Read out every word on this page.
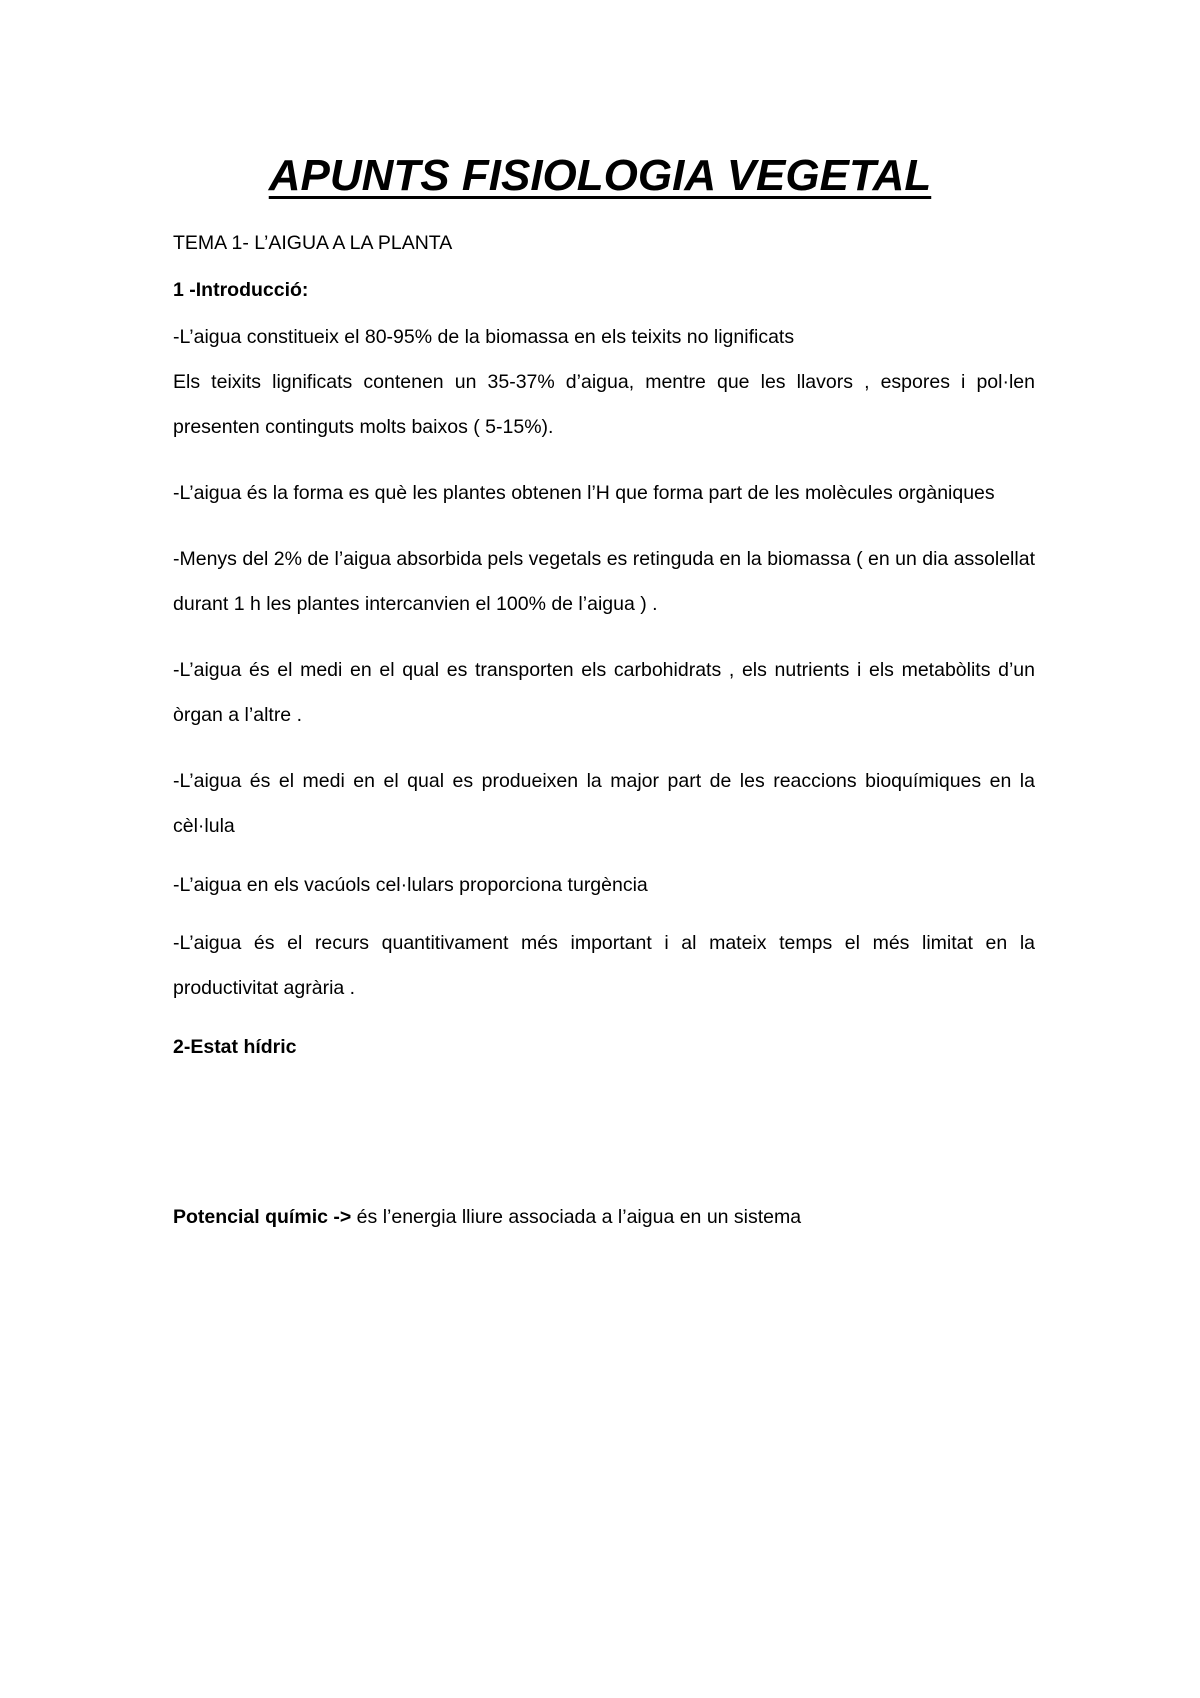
APUNTS FISIOLOGIA VEGETAL
TEMA 1- L’AIGUA A LA PLANTA
1 -Introducció:
-L’aigua constitueix el 80-95% de la biomassa en els teixits no lignificats
Els teixits lignificats contenen un 35-37% d’aigua, mentre que les llavors , espores i pol·len presenten continguts molts baixos ( 5-15%).
-L’aigua és la forma es què les plantes obtenen l’H que forma part de les molècules orgàniques
-Menys del 2% de l’aigua absorbida pels vegetals es retinguda en la biomassa ( en un dia assolellat durant 1 h les plantes intercanvien el 100% de l’aigua ) .
-L’aigua és el medi en el qual es transporten els carbohidrats , els nutrients i els metabòlits d’un òrgan a l’altre .
-L’aigua és el medi en el qual es produeixen la major part de les reaccions bioquímiques en la cèl·lula
-L’aigua en els vacúols cel·lulars proporciona turgència
-L’aigua és el recurs quantitivament més important i al mateix temps el més limitat en la productivitat agrària .
2-Estat hídric
Potencial químic -> és l’energia lliure associada a l’aigua en un sistema
